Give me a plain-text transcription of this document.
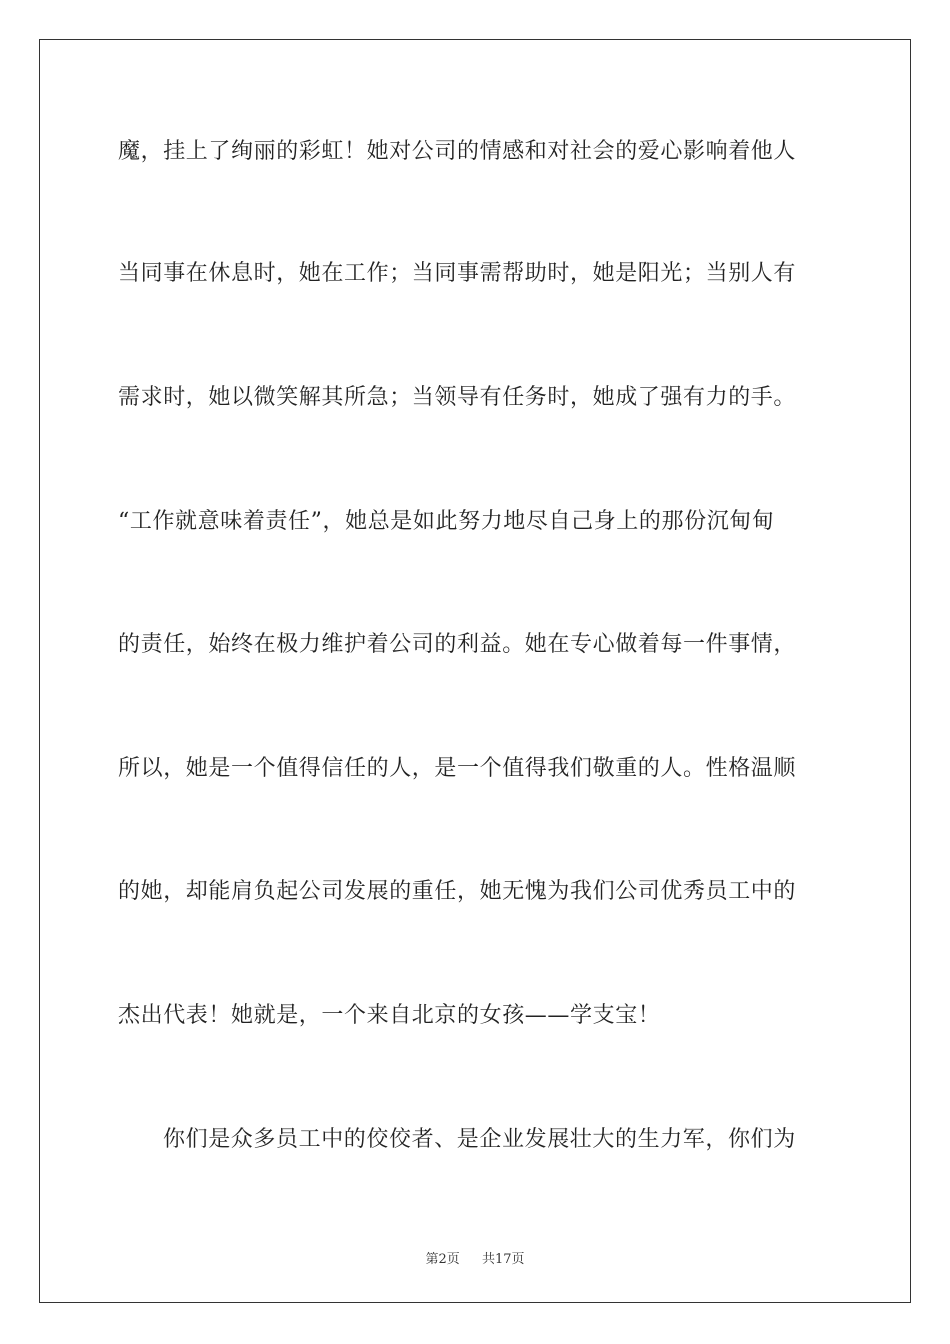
魔，挂上了绚丽的彩虹！她对公司的情感和对社会的爱心影响着他人

当同事在休息时，她在工作；当同事需帮助时，她是阳光；当别人有

需求时，她以微笑解其所急；当领导有任务时，她成了强有力的手。

“工作就意味着责任”，她总是如此努力地尽自己身上的那份沉甸甸

的责任，始终在极力维护着公司的利益。她在专心做着每一件事情，

所以，她是一个值得信任的人，是一个值得我们敬重的人。性格温顺

的她，却能肩负起公司发展的重任，她无愧为我们公司优秀员工中的

杰出代表！她就是，一个来自北京的女孩——学支宝！

你们是众多员工中的佼佼者、是企业发展壮大的生力军，你们为

第2页 共17页
